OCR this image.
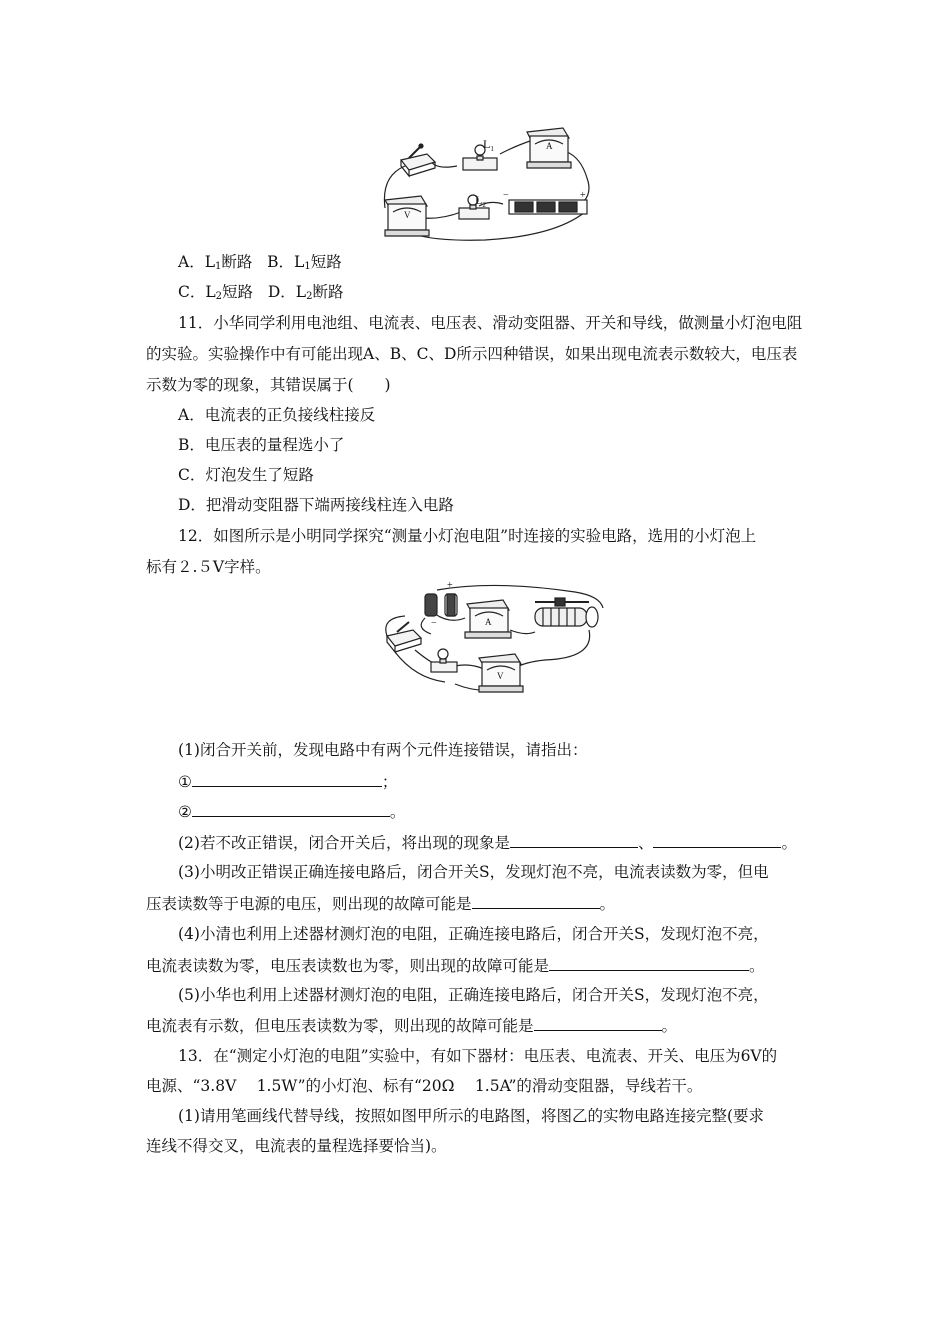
$L_1$
$L_2$
A
V
−	+
A．$L_1$断路 B．$L_1$短路
C．$L_2$短路 D．$L_2$断路
11．小华同学利用电池组、电流表、电压表、滑动变阻器、开关和导线，做测量小灯泡电阻
的实验。实验操作中有可能出现A、B、C、D所示四种错误，如果出现电流表示数较大，电压表
示数为零的现象，其错误属于(　　)
A．电流表的正负接线柱接反
B．电压表的量程选小了
C．灯泡发生了短路
D．把滑动变阻器下端两接线柱连入电路
12．如图所示是小明同学探究“测量小灯泡电阻”时连接的实验电路，选用的小灯泡上
标有２.５V字样。
A
V
−
+
(1)闭合开关前，发现电路中有两个元件连接错误，请指出：
①	；
②	。
(2)若不改正错误，闭合开关后，将出现的现象是	、	。
(3)小明改正错误正确连接电路后，闭合开关S，发现灯泡不亮，电流表读数为零，但电
压表读数等于电源的电压，则出现的故障可能是	。
(4)小清也利用上述器材测灯泡的电阻，正确连接电路后，闭合开关S，发现灯泡不亮，
电流表读数为零，电压表读数也为零，则出现的故障可能是	。
(5)小华也利用上述器材测灯泡的电阻，正确连接电路后，闭合开关S，发现灯泡不亮，
电流表有示数，但电压表读数为零，则出现的故障可能是	。
13．在“测定小灯泡的电阻”实验中，有如下器材：电压表、电流表、开关、电压为6V的
电源、“3.8V　 1.5W”的小灯泡、标有“20Ω　 1.5A”的滑动变阻器，导线若干。
(1)请用笔画线代替导线，按照如图甲所示的电路图，将图乙的实物电路连接完整(要求
连线不得交叉，电流表的量程选择要恰当)。
